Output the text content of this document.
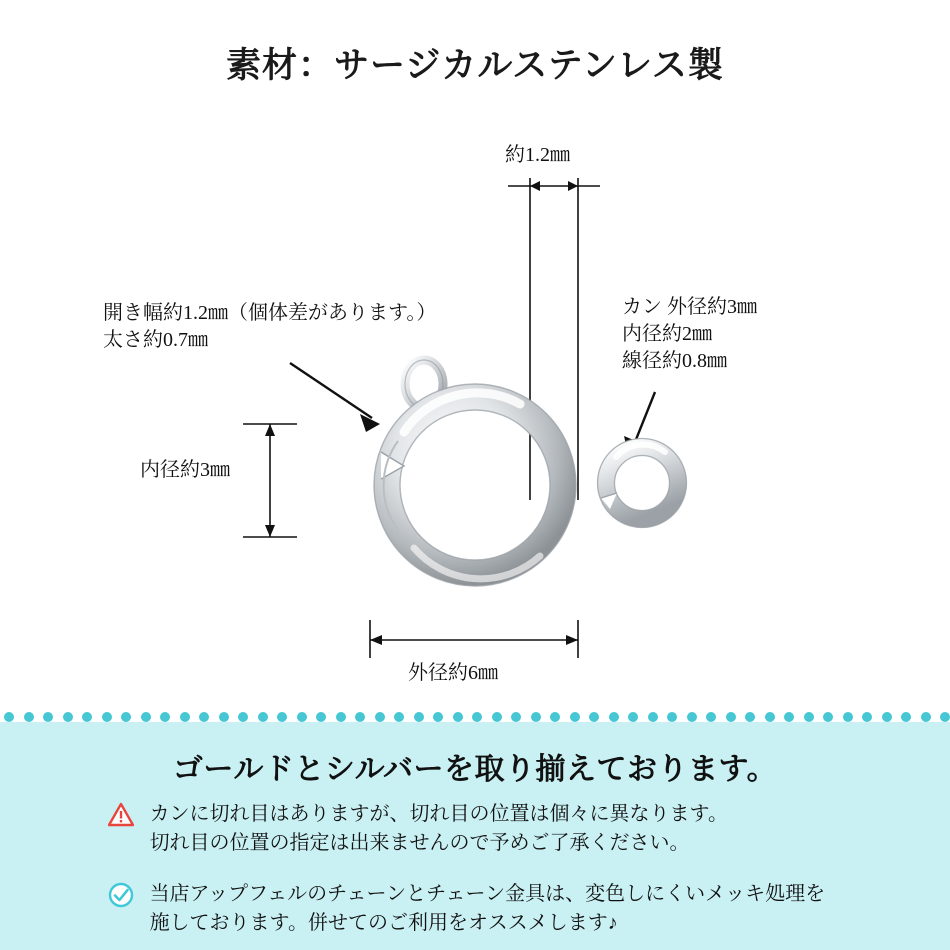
素材：サージカルステンレス製
約1.2㎜
開き幅約1.2㎜（個体差があります。）
太さ約0.7㎜
カン 外径約3㎜
内径約2㎜
線径約0.8㎜
内径約3㎜
外径約6㎜
ゴールドとシルバーを取り揃えております。

カンに切れ目はありますが、切れ目の位置は個々に異なります。
切れ目の位置の指定は出来ませんので予めご了承ください。

当店アップフェルのチェーンとチェーン金具は、変色しにくいメッキ処理を
施しております。併せてのご利用をオススメします♪
